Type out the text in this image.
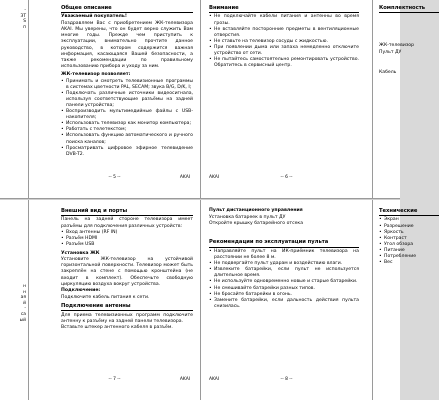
-
ЗТ
S
п
н
н
ая
й
-
са
ый
Общее описание

Уважаемый покупатель!

Поздравляем Вас с приобретением ЖК-телевизора AKAI. Мы уверены, что он будет верно служить Вам многие годы. Прежде чем приступить к эксплуатации, внимательно прочтите данное руководство, в котором содержится важная информация, касающаяся Вашей безопасности, а также рекомендации по правильному использованию прибора и уходу за ним.

ЖК-телевизор позволяет:

• Принимать и смотреть телевизионные программы в системах цветности PAL, SECAM; звука B/G, D/K, I;
• Подключать различные источники видеосигнала, используя соответствующие разъёмы на задней панели устройства;
• Воспроизводить мультимедийные файлы с USB-накопителя;
• Использовать телевизор как монитор компьютера;
• Работать с телетекстом;
• Использовать функцию автоматического и ручного поиска каналов;
• Просматривать цифровое эфирное телевидение DVB-T2.
-- 5 --	AKAI
Внимание
• Не подключайте кабели питания и антенны во время грозы.
• Не вставляйте посторонние предметы в вентиляционные отверстия.
• Не ставьте на телевизор сосуды с жидкостью.
• При появлении дыма или запаха немедленно отключите устройство от сети.
• Не пытайтесь самостоятельно ремонтировать устройство. Обратитесь в сервисный центр.
AKAI	-- 6 --
Комплектность

ЖК-телевизор

Пульт ДУ

Кабель

Внешний вид и порты

Панель на задней стороне телевизора имеет разъёмы для подключения различных устройств:

• Вход антенны (RF IN)
• Разъём HDMI
• Разъём USB

Установка ЖК

Установите ЖК-телевизор на устойчивой горизонтальной поверхности. Телевизор может быть закреплён на стене с помощью кронштейна (не входит в комплект). Обеспечьте свободную циркуляцию воздуха вокруг устройства.

Подключение:

Подключите кабель питания к сети.

Подключение антенны

Для приема телевизионных программ подключите антенну к разъёму на задней панели телевизора.

Вставьте штекер антенного кабеля в разъём.

-- 7 --	AKAI

Пульт дистанционного управления

Установка батареек в пульт ДУ

Откройте крышку батарейного отсека

Рекомендации по эксплуатации пульта
• Направляйте пульт на ИК-приёмник телевизора на расстоянии не более 8 м.
• Не подвергайте пульт ударам и воздействию влаги.
• Извлеките батарейки, если пульт не используется длительное время.
• Не используйте одновременно новые и старые батарейки.
• Не смешивайте батарейки разных типов.
• Не бросайте батарейки в огонь.
• Замените батарейки, если дальность действия пульта снизилась.
AKAI	-- 8 --
Технические
• Экран
• Разрешение
• Яркость
• Контраст
• Угол обзора
• Питание
• Потребление
• Вес
